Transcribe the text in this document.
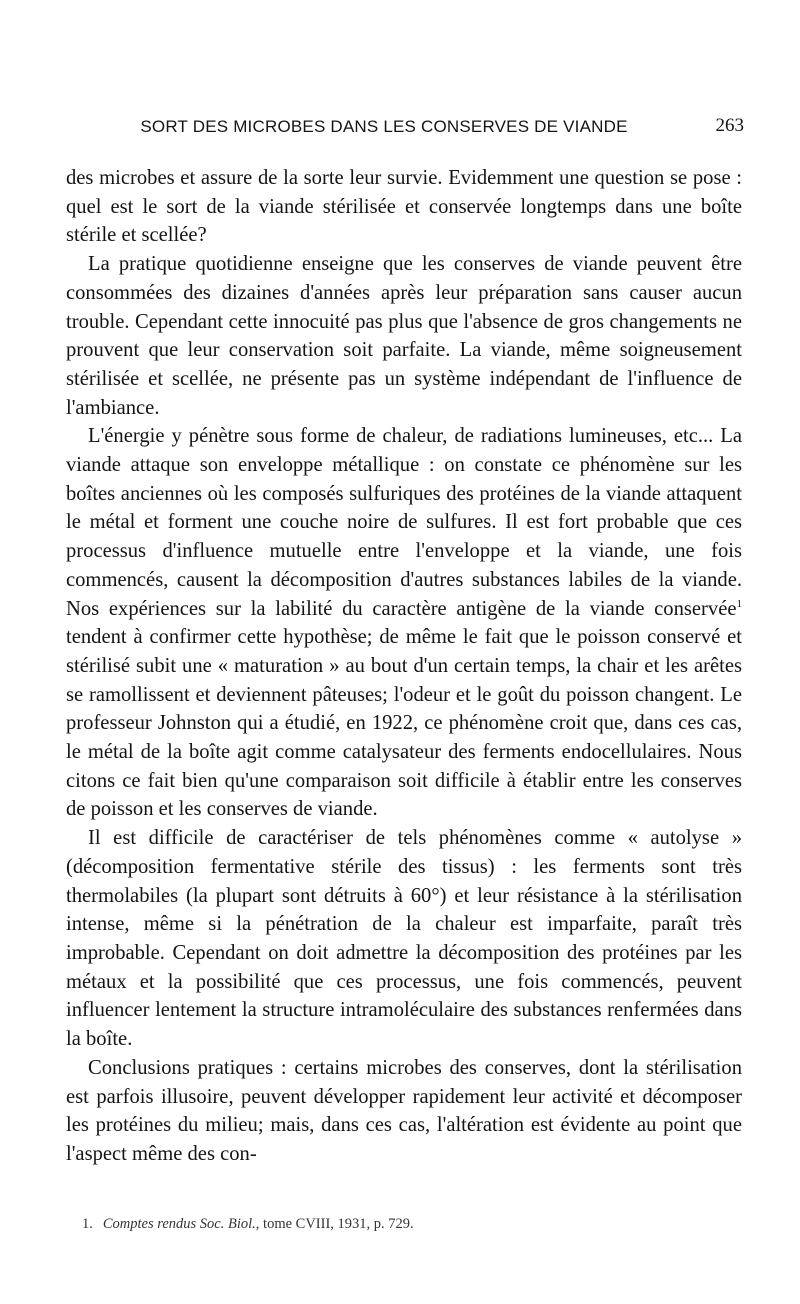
SORT DES MICROBES DANS LES CONSERVES DE VIANDE	263

des microbes et assure de la sorte leur survie. Evidemment une question se pose : quel est le sort de la viande stérilisée et conservée longtemps dans une boîte stérile et scellée?

La pratique quotidienne enseigne que les conserves de viande peuvent être consommées des dizaines d'années après leur préparation sans causer aucun trouble. Cependant cette innocuité pas plus que l'absence de gros changements ne prouvent que leur conservation soit parfaite. La viande, même soigneusement stérilisée et scellée, ne présente pas un système indépendant de l'influence de l'ambiance.

L'énergie y pénètre sous forme de chaleur, de radiations lumineuses, etc... La viande attaque son enveloppe métallique : on constate ce phénomène sur les boîtes anciennes où les composés sulfuriques des protéines de la viande attaquent le métal et forment une couche noire de sulfures. Il est fort probable que ces processus d'influence mutuelle entre l'enveloppe et la viande, une fois commencés, causent la décomposition d'autres substances labiles de la viande. Nos expériences sur la labilité du caractère antigène de la viande conservée$^1$ tendent à confirmer cette hypothèse; de même le fait que le poisson conservé et stérilisé subit une « maturation » au bout d'un certain temps, la chair et les arêtes se ramollissent et deviennent pâteuses; l'odeur et le goût du poisson changent. Le professeur Johnston qui a étudié, en 1922, ce phénomène croit que, dans ces cas, le métal de la boîte agit comme catalysateur des ferments endocellulaires. Nous citons ce fait bien qu'une comparaison soit difficile à établir entre les conserves de poisson et les conserves de viande.

Il est difficile de caractériser de tels phénomènes comme « autolyse » (décomposition fermentative stérile des tissus) : les ferments sont très thermolabiles (la plupart sont détruits à 60°) et leur résistance à la stérilisation intense, même si la pénétration de la chaleur est imparfaite, paraît très improbable. Cependant on doit admettre la décomposition des protéines par les métaux et la possibilité que ces processus, une fois commencés, peuvent influencer lentement la structure intramoléculaire des substances renfermées dans la boîte.

Conclusions pratiques : certains microbes des conserves, dont la stérilisation est parfois illusoire, peuvent développer rapidement leur activité et décomposer les protéines du milieu; mais, dans ces cas, l'altération est évidente au point que l'aspect même des con-

1. Comptes rendus Soc. Biol., tome CVIII, 1931, p. 729.
